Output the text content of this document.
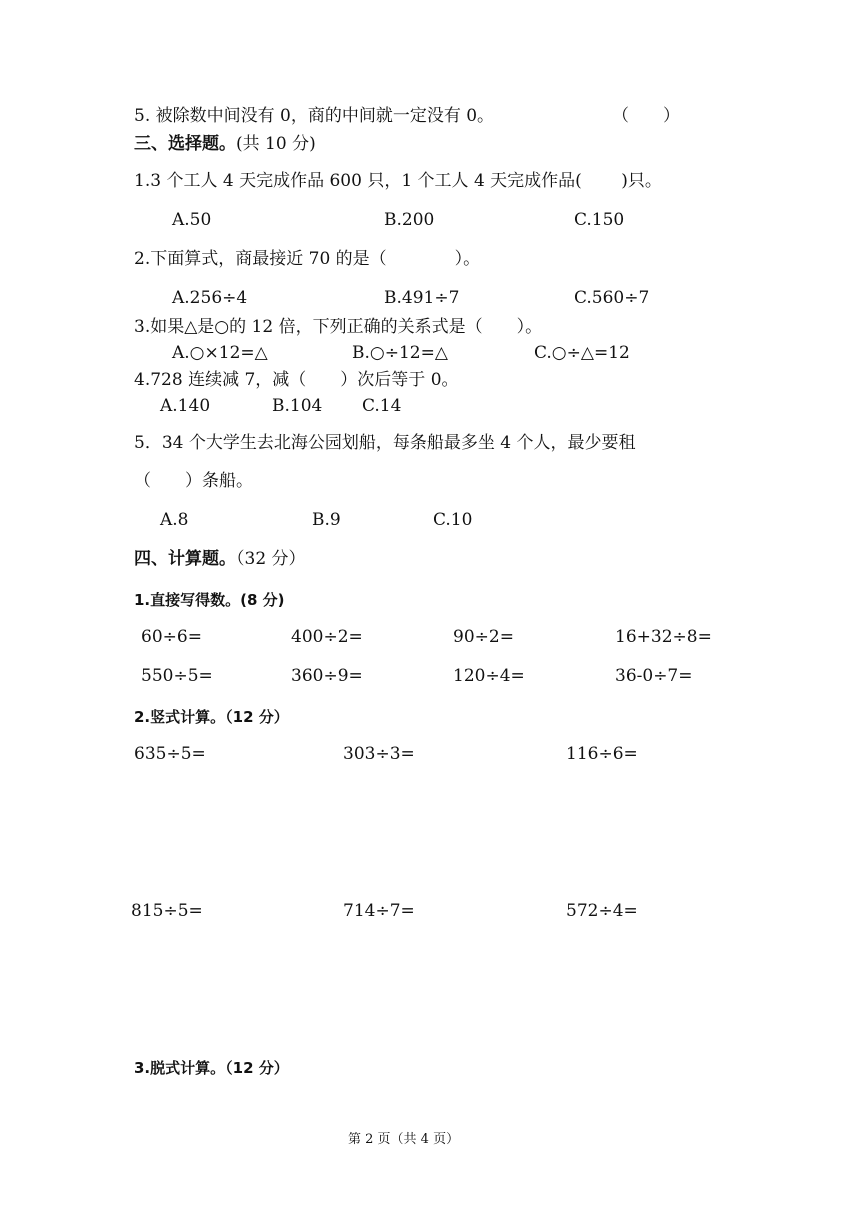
5. 被除数中间没有 0，商的中间就一定没有 0。	（　　）
三、选择题。(共 10 分)
1.3 个工人 4 天完成作品 600 只，1 个工人 4 天完成作品(　　 )只。
A.50	B.200	C.150
2.下面算式，商最接近 70 的是（　　　　）。
A.256÷4	B.491÷7	C.560÷7
3.如果△是○的 12 倍，下列正确的关系式是（　　）。
A.○×12=△	B.○÷12=△	C.○÷△=12
4.728 连续减 7，减（　　）次后等于 0。
A.140	B.104 C.14
5．34 个大学生去北海公园划船，每条船最多坐 4 个人，最少要租
（　　）条船。
A.8	B.9	C.10
四、计算题。（32 分）
1.直接写得数。(8 分)
60÷6=	400÷2=	90÷2=	16+32÷8=
550÷5=	360÷9=	120÷4=	36-0÷7=
2.竖式计算。（12 分）
635÷5=	303÷3=	116÷6=
815÷5=	714÷7=	572÷4=
3.脱式计算。（12 分）
第 2 页（共 4 页）
